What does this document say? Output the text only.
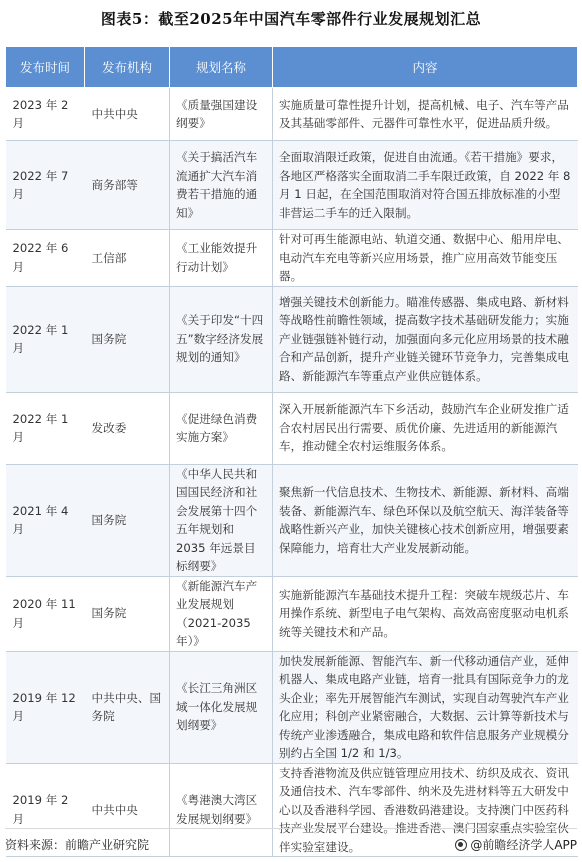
图表5：截至2025年中国汽车零部件行业发展规划汇总
发布时间	发布机构	规划名称	内容
2023 年 2 月	中共中央	《质量强国建设纲要》	实施质量可靠性提升计划，提高机械、电子、汽车等产品及其基础零部件、元器件可靠性水平，促进品质升级。
2022 年 7 月	商务部等	《关于搞活汽车流通扩大汽车消费若干措施的通知》	全面取消限迁政策，促进自由流通。《若干措施》要求，各地区严格落实全面取消二手车限迁政策，自 2022 年 8 月 1 日起，在全国范围取消对符合国五排放标准的小型非营运二手车的迁入限制。
2022 年 6 月	工信部	《工业能效提升行动计划》	针对可再生能源电站、轨道交通、数据中心、船用岸电、电动汽车充电等新兴应用场景，推广应用高效节能变压器。
2022 年 1 月	国务院	《关于印发“十四五”数字经济发展规划的通知》	增强关键技术创新能力。瞄准传感器、集成电路、新材料等战略性前瞻性领域，提高数字技术基础研发能力；实施产业链强链补链行动，加强面向多元化应用场景的技术融合和产品创新，提升产业链关键环节竞争力，完善集成电路、新能源汽车等重点产业供应链体系。
2022 年 1 月	发改委	《促进绿色消费实施方案》	深入开展新能源汽车下乡活动，鼓励汽车企业研发推广适合农村居民出行需要、质优价廉、先进适用的新能源汽车，推动健全农村运维服务体系。
2021 年 4 月	国务院	《中华人民共和国国民经济和社会发展第十四个五年规划和 2035 年远景目标纲要》	聚焦新一代信息技术、生物技术、新能源、新材料、高端装备、新能源汽车、绿色环保以及航空航天、海洋装备等战略性新兴产业，加快关键核心技术创新应用，增强要素保障能力，培育壮大产业发展新动能。
2020 年 11 月	国务院	《新能源汽车产业发展规划（2021-2035 年）》	实施新能源汽车基础技术提升工程：突破车规级芯片、车用操作系统、新型电子电气架构、高效高密度驱动电机系统等关键技术和产品。
2019 年 12 月	中共中央、国务院	《长江三角洲区域一体化发展规划纲要》	加快发展新能源、智能汽车、新一代移动通信产业，延伸机器人、集成电路产业链，培育一批具有国际竞争力的龙头企业；率先开展智能汽车测试，实现自动驾驶汽车产业化应用；科创产业紧密融合，大数据、云计算等新技术与传统产业渗透融合，集成电路和软件信息服务产业规模分别约占全国 1/2 和 1/3。
2019 年 2 月	中共中央	《粤港澳大湾区发展规划纲要》	支持香港物流及供应链管理应用技术、纺织及成衣、资讯及通信技术、汽车零部件、纳米及先进材料等五大研发中心以及香港科学园、香港数码港建设。支持澳门中医药科技产业发展平台建设。推进香港、澳门国家重点实验室伙伴实验室建设。
资料来源：前瞻产业研究院	@前瞻经济学人APP
